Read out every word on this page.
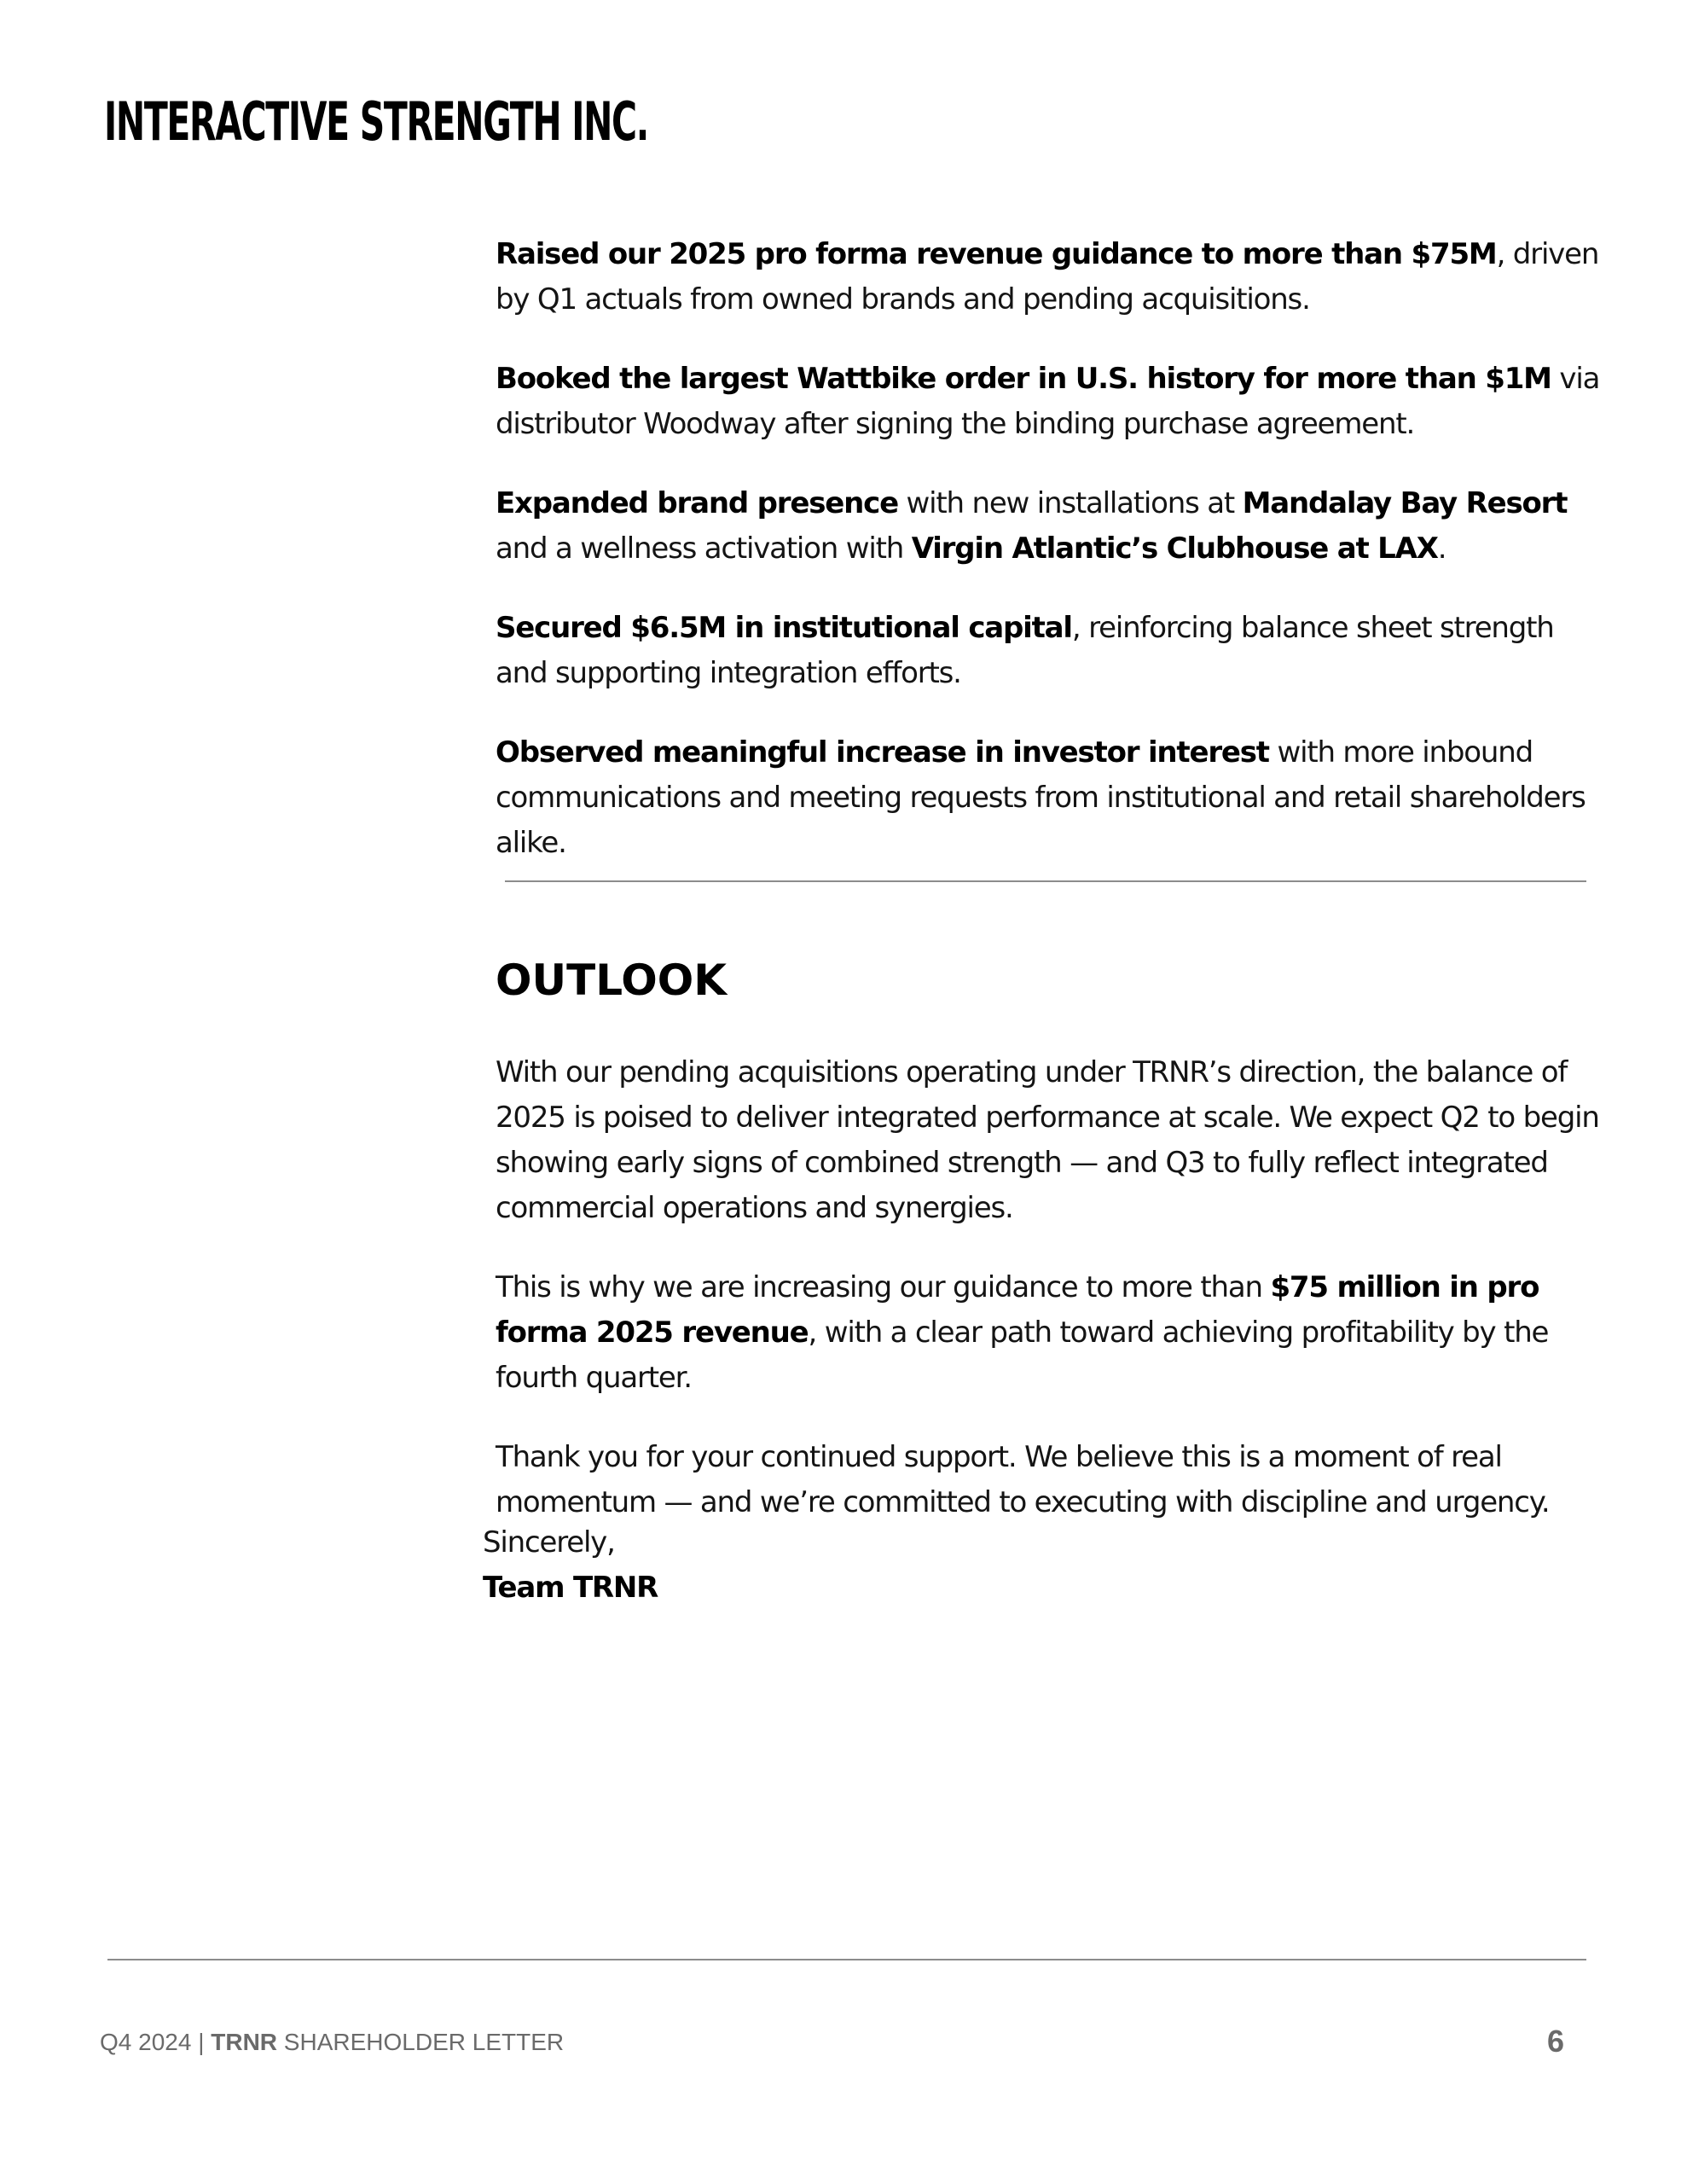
INTERACTIVE STRENGTH INC.

Raised our 2025 pro forma revenue guidance to more than $75M, driven by Q1 actuals from owned brands and pending acquisitions.

Booked the largest Wattbike order in U.S. history for more than $1M via distributor Woodway after signing the binding purchase agreement.

Expanded brand presence with new installations at Mandalay Bay Resort and a wellness activation with Virgin Atlantic’s Clubhouse at LAX.

Secured $6.5M in institutional capital, reinforcing balance sheet strength and supporting integration efforts.

Observed meaningful increase in investor interest with more inbound communications and meeting requests from institutional and retail shareholders alike.

OUTLOOK

With our pending acquisitions operating under TRNR’s direction, the balance of 2025 is poised to deliver integrated performance at scale. We expect Q2 to begin showing early signs of combined strength — and Q3 to fully reflect integrated commercial operations and synergies.

This is why we are increasing our guidance to more than $75 million in pro forma 2025 revenue, with a clear path toward achieving profitability by the fourth quarter.

Thank you for your continued support. We believe this is a moment of real momentum — and we’re committed to executing with discipline and urgency.

Sincerely,
Team TRNR
Q4 2024 | TRNR SHAREHOLDER LETTER	6
